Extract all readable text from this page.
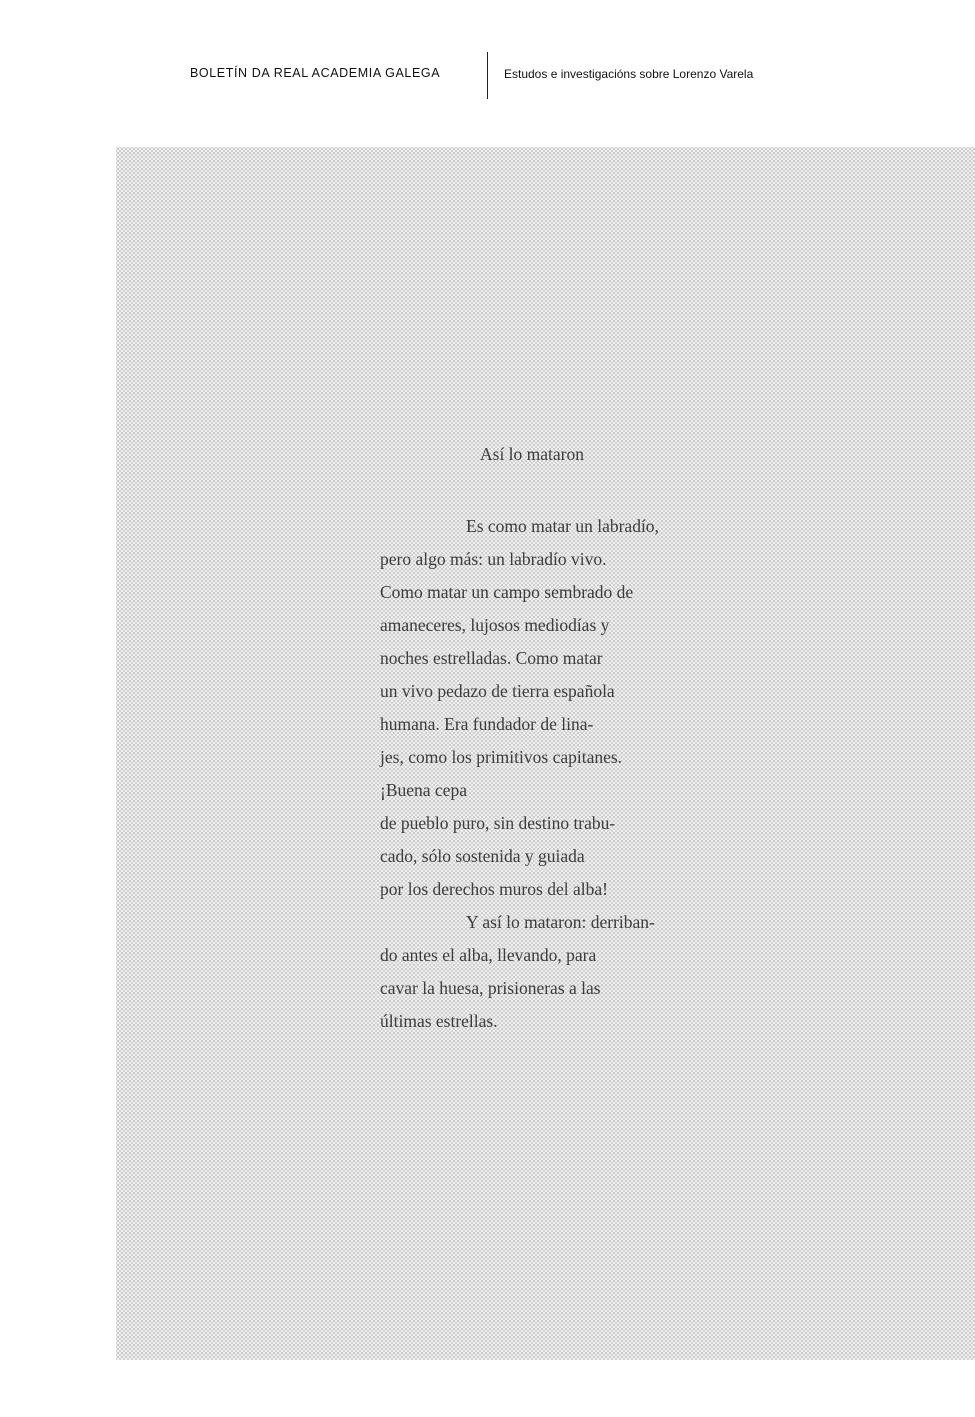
BOLETÍN DA REAL ACADEMIA GALEGA	Estudos e investigacións sobre Lorenzo Varela
Así lo mataron
Es como matar un labradío,
pero algo más: un labradío vivo.
Como matar un campo sembrado de
amaneceres, lujosos mediodías y
noches estrelladas. Como matar
un vivo pedazo de tierra española
humana. Era fundador de lina-
jes, como los primitivos capitanes.
¡Buena cepa
de pueblo puro, sin destino trabu-
cado, sólo sostenida y guiada
por los derechos muros del alba!
Y así lo mataron: derriban-
do antes el alba, llevando, para
cavar la huesa, prisioneras a las
últimas estrellas.
